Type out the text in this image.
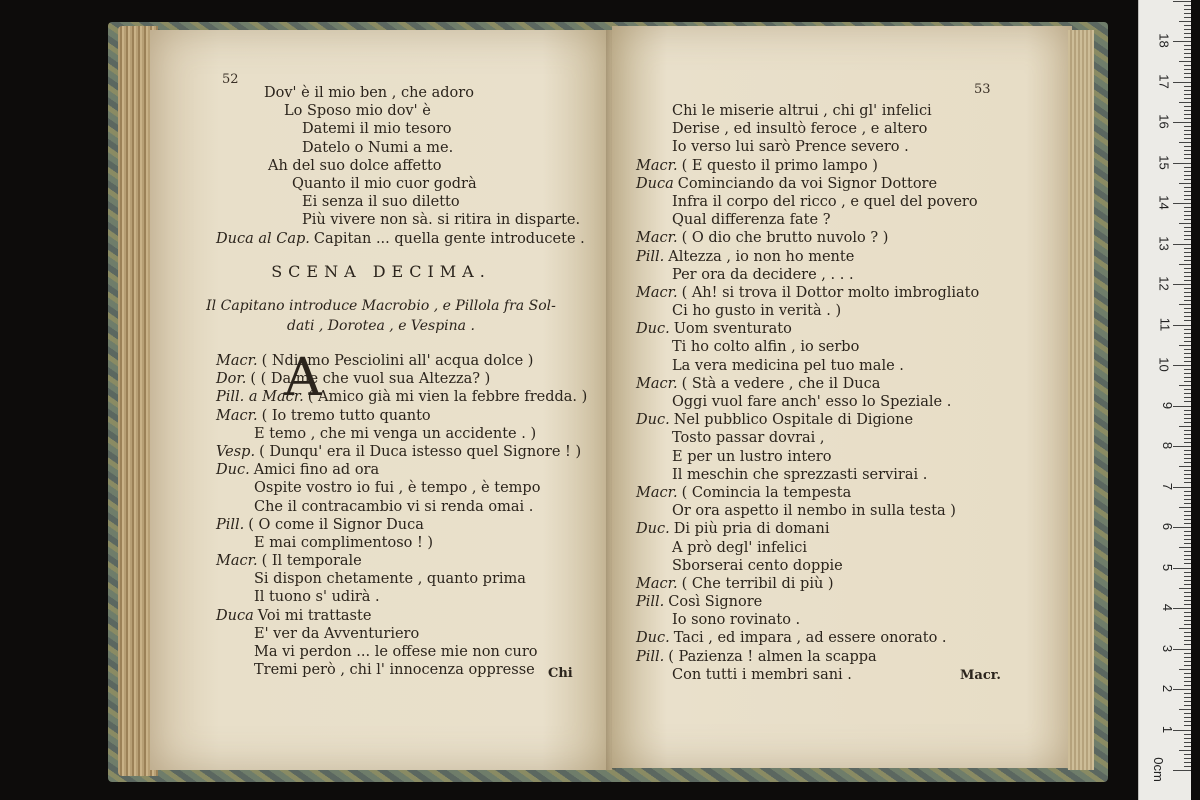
52
Dov' è il mio ben , che adoro
Lo Sposo mio dov' è
Datemi il mio tesoro
Datelo o Numi a me.
Ah del suo dolce affetto
Quanto il mio cuor godrà
Ei senza il suo diletto
Più vivere non sà. si ritira in disparte.
Duca al Cap. Capitan ... quella gente introducete .
SCENA DECIMA.
Il Capitano introduce Macrobio , e Pillola fra Sol-
dati , Dorotea , e Vespina .
A
Macr. ( Ndiamo Pesciolini all' acqua dolce )
Dor. ( ( Da me che vuol sua Altezza? )
Pill. a Macr. ( Amico già mi vien la febbre fredda. )
Macr. ( Io tremo tutto quanto
E temo , che mi venga un accidente . )
Vesp. ( Dunqu' era il Duca istesso quel Signore ! )
Duc. Amici fino ad ora
Ospite vostro io fui , è tempo , è tempo
Che il contracambio vi si renda omai .
Pill. ( O come il Signor Duca
E mai complimentoso ! )
Macr. ( Il temporale
Si dispon chetamente , quanto prima
Il tuono s' udirà .
Duca Voi mi trattaste
E' ver da Avventuriero
Ma vi perdon ... le offese mie non curo
Tremi però , chi l' innocenza oppresse	Chi
53
Chi le miserie altrui , chi gl' infelici
Derise , ed insultò feroce , e altero
Io verso lui sarò Prence severo .
Macr. ( E questo il primo lampo )
Duca Cominciando da voi Signor Dottore
Infra il corpo del ricco , e quel del povero
Qual differenza fate ?
Macr. ( O dio che brutto nuvolo ? )
Pill. Altezza , io non ho mente
Per ora da decidere , . . .
Macr. ( Ah! si trova il Dottor molto imbrogliato
Ci ho gusto in verità . )
Duc. Uom sventurato
Ti ho colto alfin , io serbo
La vera medicina pel tuo male .
Macr. ( Stà a vedere , che il Duca
Oggi vuol fare anch' esso lo Speziale .
Duc. Nel pubblico Ospitale di Digione
Tosto passar dovrai ,
E per un lustro intero
Il meschin che sprezzasti servirai .
Macr. ( Comincia la tempesta
Or ora aspetto il nembo in sulla testa )
Duc. Di più pria di domani
A prò degl' infelici
Sborserai cento doppie
Macr. ( Che terribil di più )
Pill. Così Signore
Io sono rovinato .
Duc. Taci , ed impara , ad essere onorato .
Pill. ( Pazienza ! almen la scappa
Con tutti i membri sani .	Macr.
0cm
1
2
3
4
5
6
7
8
9
10
11
12
13
14
15
16
17
18
